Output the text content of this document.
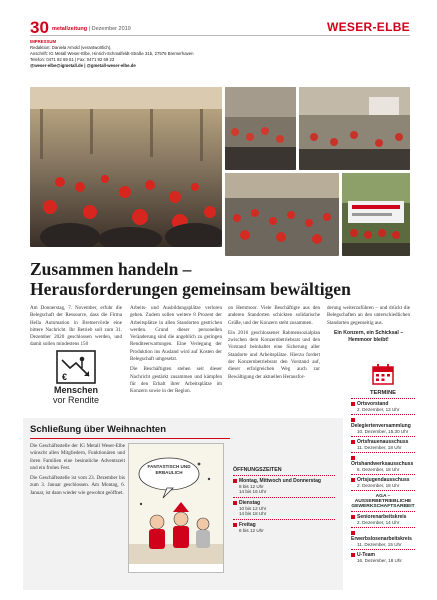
30 metallzeitung | Dezember 2019	WESER-ELBE
IMPRESSUM
Redaktion: Daniela Arnold (verantwortlich),
Anschrift: IG Metall Weser-Elbe, Hinrich-Schmalfeldt-Straße 31b, 27576 Bremerhaven
Telefon: 0471 92 69 51 | Fax: 0471 92 69 23
@weser-elbe@igmetall.de | @gmetall-weser-elbe.de
Zusammen handeln –
Herausforderungen gemeinsam bewältigen

Am Donnerstag, 7. November, erfuhr die Belegschaft der Ressource, dass die Firma Hella Automation in Bremervörde eine bittere Nachricht. Ihr Betrieb soll zum 31. Dezember 2020 geschlossen werden, und damit sollen mindestens 150

€
Menschen
vor Rendite

Arbeits- und Ausbildungsplätze verloren gehen. Zudem sollen weitere 8 Prozent der Arbeitsplätze in allen Standorten gestrichen werden. Grund dieser personellen Veränderung sind die angeblich zu geringen Renditeerwartungen. Eine Verlegung der Produktion ins Ausland wird auf Kosten der Belegschaft umgesetzt.

Die Beschäftigten stehen seit dieser Nachricht gestärkt zusammen und kämpfen für den Erhalt ihrer Arbeitsplätze im Konzern sowie in der Region.

on Hemmoor. Viele Beschäftigte aus den anderen Standorten schickten solidarische Grüße, und der Konzern steht zusammen.

Ein 2016 geschlossener Rahmensozialplan zwischen dem Konzernbetriebsrat und den Vorstand beinhaltet eine Sicherung aller Standorte und Arbeitsplätze. Hierzu fordert der Konzernbetriebsrat den Vorstand auf, dieser erfolgreichen Weg auch zur Bewältigung der aktuellen Herausfor-

derung weiterzuführen – und drückt die Belegschaften an den unterschiedlichen Standorten gegenseitig aus.

Ein Konzern, ein Schicksal – Hemmoor bleibt!

Schließung über Weihnachten

Die Geschäftsstelle der IG Metall Weser-Elbe wünscht allen Mitgliedern, Funktionären und ihren Familien eine besinnliche Adventszeit und ein frohes Fest.

Die Geschäftsstelle ist vom 23. Dezember bis zum 3. Januar geschlossen. Am Montag, 6. Januar, ist dann wieder wie gewohnt geöffnet.

FANTASTISCH UND ERBAULICH	ÖFFNUNGSZEITEN
Montag, Mittwoch und Donnerstag
8 bis 12 Uhr
14 bis 16 Uhr
Dienstag
10 bis 12 Uhr
14 bis 18 Uhr
Freitag
8 bis 12 Uhr
TERMINE
Ortsvorstand
2. Dezember, 13 Uhr
Delegiertenversammlung
10. Dezember, 15.30 Uhr
Ortsfrauenausschuss
11. Dezember, 18 Uhr
Ortshandwerksausschuss
6. Dezember, 18 Uhr
Ortsjugendausschuss
2. Dezember, 18 Uhr
AGA – AUSSERBETRIEBLICHE
GEWERKSCHAFTSARBEIT
Seniorenarbeitskreis
2. Dezember, 14 Uhr
Erwerbslosenarbeitskreis
11. Dezember, 15 Uhr
U-Team
16. Dezember, 18 Uhr
